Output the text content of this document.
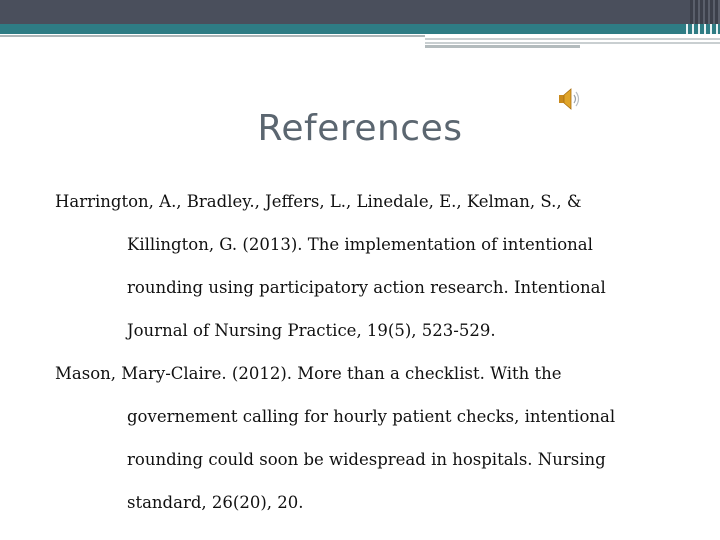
References
Harrington, A., Bradley., Jeffers, L., Linedale, E., Kelman, S., &
Killington, G. (2013). The implementation of intentional
rounding using participatory action research. Intentional
Journal of Nursing Practice, 19(5), 523-529.
Mason, Mary-Claire. (2012). More than a checklist. With the
governement calling for hourly patient checks, intentional
rounding could soon be widespread in hospitals. Nursing
standard, 26(20), 20.
